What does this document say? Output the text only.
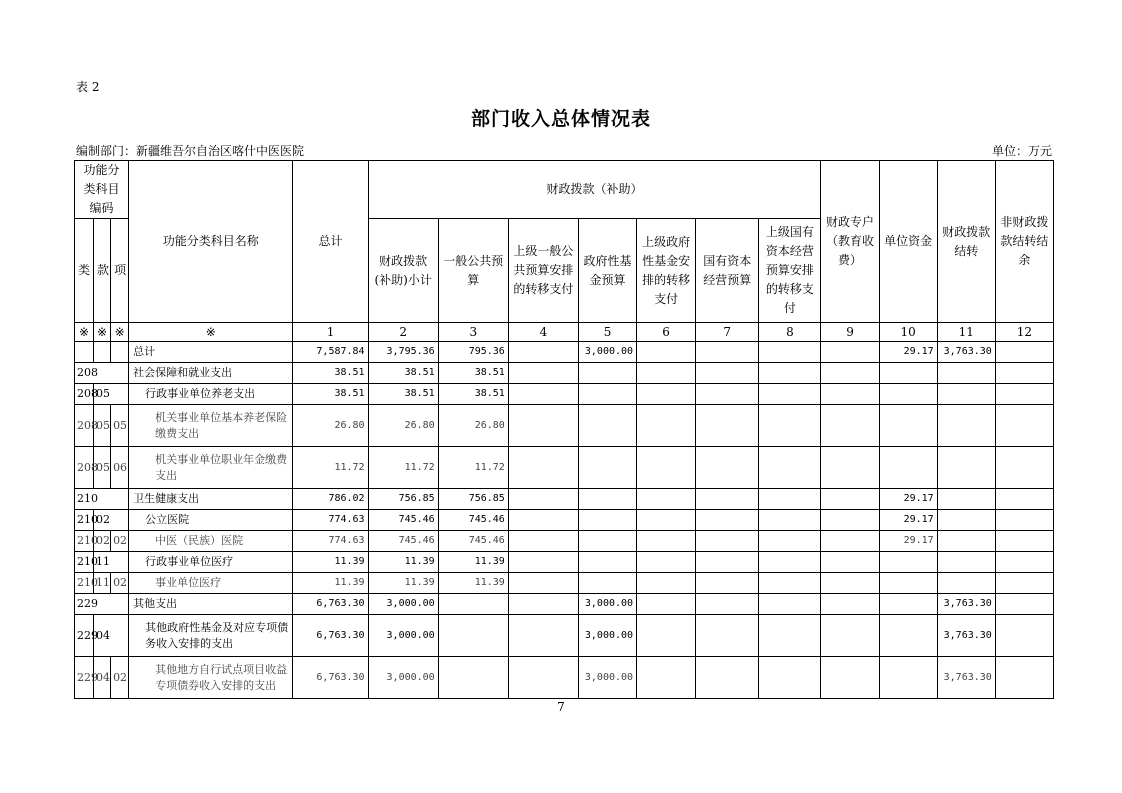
表 2
部门收入总体情况表
编制部门：新疆维吾尔自治区喀什中医医院	单位：万元
功能分类科目编码			功能分类科目名称	总计	财政拨款（补助）							财政专户（教育收费）	单位资金	财政拨款结转	非财政拨款结转结余
类	款	项			财政拨款(补助)小计	一般公共预算	上级一般公共预算安排的转移支付	政府性基金预算	上级政府性基金安排的转移支付	国有资本经营预算	上级国有资本经营预算安排的转移支付				
※	※	※	※	1	2	3	4	5	6	7	8	9	10	11	12
			总计	7,587.84	3,795.36	795.36		3,000.00					29.17	3,763.30	
208			社会保障和就业支出	38.51	38.51	38.51									
208	05		行政事业单位养老支出	38.51	38.51	38.51									
208	05	05	机关事业单位基本养老保险缴费支出	26.80	26.80	26.80									
208	05	06	机关事业单位职业年金缴费支出	11.72	11.72	11.72									
210			卫生健康支出	786.02	756.85	756.85							29.17		
210	02		公立医院	774.63	745.46	745.46							29.17		
210	02	02	中医（民族）医院	774.63	745.46	745.46							29.17		
210	11		行政事业单位医疗	11.39	11.39	11.39									
210	11	02	事业单位医疗	11.39	11.39	11.39									
229			其他支出	6,763.30	3,000.00			3,000.00						3,763.30	
229	04		其他政府性基金及对应专项债务收入安排的支出	6,763.30	3,000.00			3,000.00						3,763.30	
229	04	02	其他地方自行试点项目收益专项债券收入安排的支出	6,763.30	3,000.00			3,000.00						3,763.30	
7
